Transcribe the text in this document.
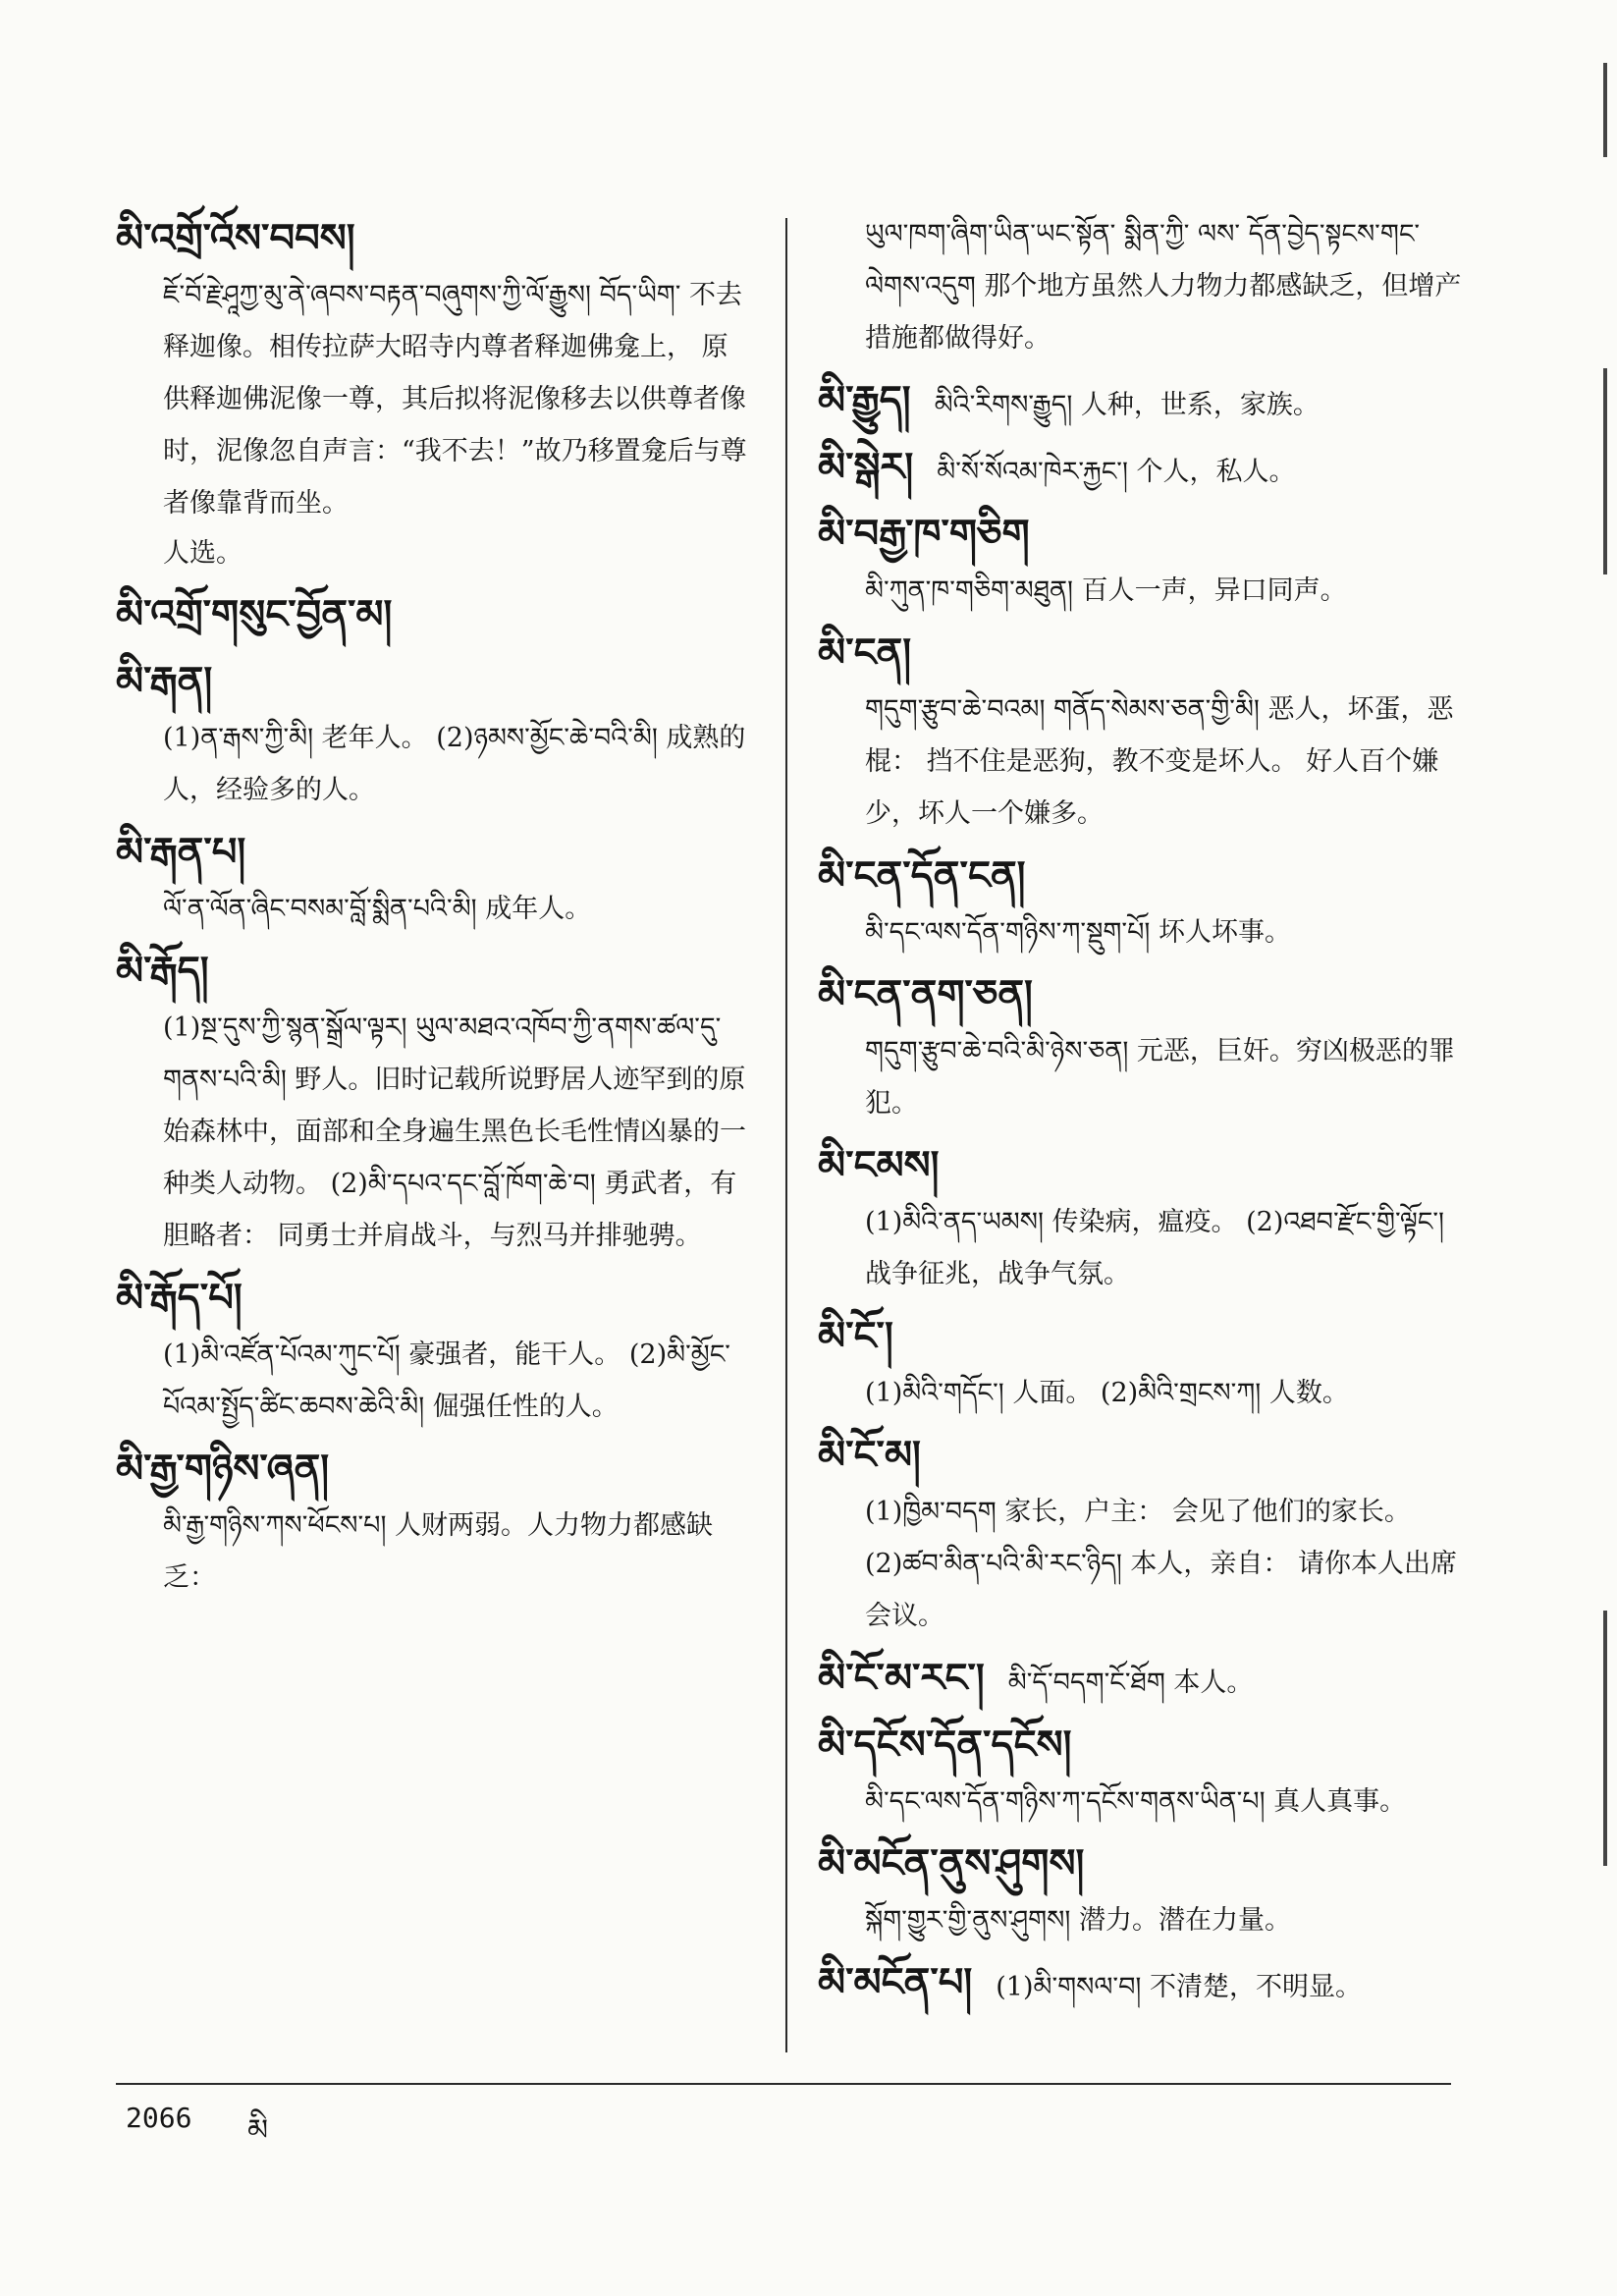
མི་འགྲོ་འོས་བབས།
ཇོ་བོ་རྗེ་ཤཱཀྱ་མུ་ནེ་ཞབས་བརྟན་བཞུགས་ཀྱི་ལོ་རྒྱུས། བོད་ཡིག་ 不去释迦像。相传拉萨大昭寺内尊者释迦佛龛上， 原供释迦佛泥像一尊，其后拟将泥像移去以供尊者像时，泥像忽自声言：“我不去！”故乃移置龛后与尊者像靠背而坐。
人选。
མི་འགྲོ་གསུང་བྱོན་མ།
མི་རྒན།
(1)ན་རྒས་ཀྱི་མི། 老年人。 (2)ཉམས་མྱོང་ཆེ་བའི་མི། 成熟的人，经验多的人。
མི་རྒན་པ།
ལོ་ན་ལོན་ཞིང་བསམ་བློ་སྨིན་པའི་མི། 成年人。
མི་རྒོད།
(1)སྔ་དུས་ཀྱི་སྙན་སྒྲོལ་ལྟར། ཡུལ་མཐའ་འཁོབ་ཀྱི་ནགས་ཚལ་དུ་གནས་པའི་མི། 野人。旧时记载所说野居人迹罕到的原始森林中，面部和全身遍生黑色长毛性情凶暴的一种类人动物。 (2)མི་དཔའ་དང་བློ་ཁོག་ཆེ་བ། 勇武者，有胆略者： 同勇士并肩战斗，与烈马并排驰骋。
མི་རྒོད་པོ།
(1)མི་འཛོན་པོའམ་ཀུང་པོ། 豪强者，能干人。 (2)མི་མྱོང་པོའམ་སྤྱོད་ཚིང་ཆབས་ཆེའི་མི། 倔强任性的人。
མི་རྒྱ་གཉིས་ཞན།
མི་རྒྱ་གཉིས་ཀས་ཕོངས་པ། 人财两弱。人力物力都感缺乏：
ཡུལ་ཁག་ཞིག་ཡིན་ཡང་སྟོན་ སྨིན་ཀྱི་ ལས་ དོན་བྱེད་སྟངས་གང་ལེགས་འདུག 那个地方虽然人力物力都感缺乏，但增产措施都做得好。
མི་རྒྱུད། མིའི་རིགས་རྒྱུད། 人种，世系，家族。
མི་སྒེར། མི་སོ་སོའམ་ཁེར་རྐྱང་། 个人，私人。
མི་བརྒྱ་ཁ་གཅིག
མི་ཀུན་ཁ་གཅིག་མཐུན། 百人一声，异口同声。
མི་ངན།
གདུག་རྩུབ་ཆེ་བའམ། གནོད་སེམས་ཅན་གྱི་མི། 恶人，坏蛋，恶棍： 挡不住是恶狗，教不变是坏人。 好人百个嫌少，坏人一个嫌多。
མི་ངན་དོན་ངན།
མི་དང་ལས་དོན་གཉིས་ཀ་སྡུག་པོ། 坏人坏事。
མི་ངན་ནག་ཅན།
གདུག་རྩུབ་ཆེ་བའི་མི་ཉེས་ཅན། 元恶，巨奸。穷凶极恶的罪犯。
མི་ངམས།
(1)མིའི་ནད་ཡམས། 传染病，瘟疫。 (2)འཐབ་རྫོང་གྱི་ལྟོང་། 战争征兆，战争气氛。
མི་ངོ་།
(1)མིའི་གདོང་། 人面。 (2)མིའི་གྲངས་ཀ། 人数。
མི་ངོ་མ།
(1)ཁྱིམ་བདག 家长，户主： 会见了他们的家长。 (2)ཚབ་མིན་པའི་མི་རང་ཉིད། 本人，亲自： 请你本人出席会议。
མི་ངོ་མ་རང་། མི་དོ་བདག་ངོ་ཐོག 本人。
མི་དངོས་དོན་དངོས།
མི་དང་ལས་དོན་གཉིས་ཀ་དངོས་གནས་ཡིན་པ། 真人真事。
མི་མངོན་ནུས་ཤུགས།
སྐོག་གྱུར་གྱི་ནུས་ཤུགས། 潜力。潜在力量。
མི་མངོན་པ། (1)མི་གསལ་བ། 不清楚，不明显。
2066 མི
